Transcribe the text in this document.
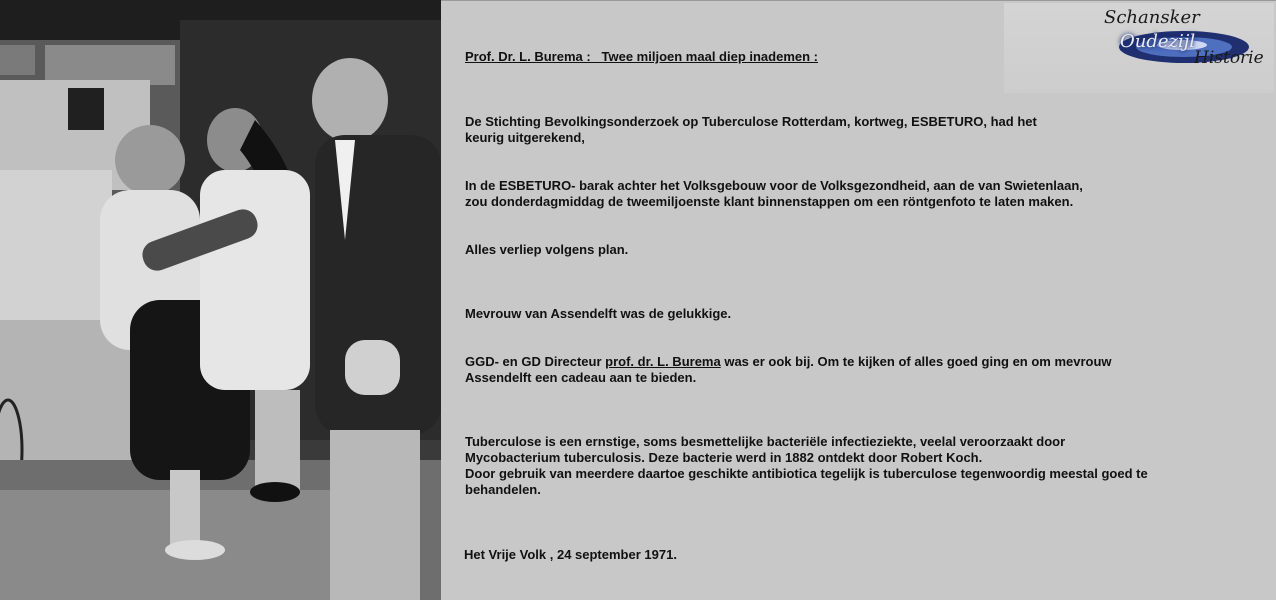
Schansker
Oudezijl
Historie

Prof. Dr. L. Burema :   Twee miljoen maal diep inademen :

De Stichting Bevolkingsonderzoek op Tuberculose Rotterdam, kortweg, ESBETURO, had het
keurig uitgerekend,

In de ESBETURO- barak achter het Volksgebouw voor de Volksgezondheid, aan de van Swietenlaan,
zou donderdagmiddag de tweemiljoenste klant binnenstappen om een röntgenfoto te laten maken.

Alles verliep volgens plan.

Mevrouw van Assendelft was de gelukkige.

GGD- en GD Directeur prof. dr. L. Burema was er ook bij. Om te kijken of alles goed ging en om mevrouw
Assendelft een cadeau aan te bieden.

Tuberculose is een ernstige, soms besmettelijke bacteriële infectieziekte, veelal veroorzaakt door
Mycobacterium tuberculosis. Deze bacterie werd in 1882 ontdekt door Robert Koch.
Door gebruik van meerdere daartoe geschikte antibiotica tegelijk is tuberculose tegenwoordig meestal goed te
behandelen.

Het Vrije Volk , 24 september 1971.
